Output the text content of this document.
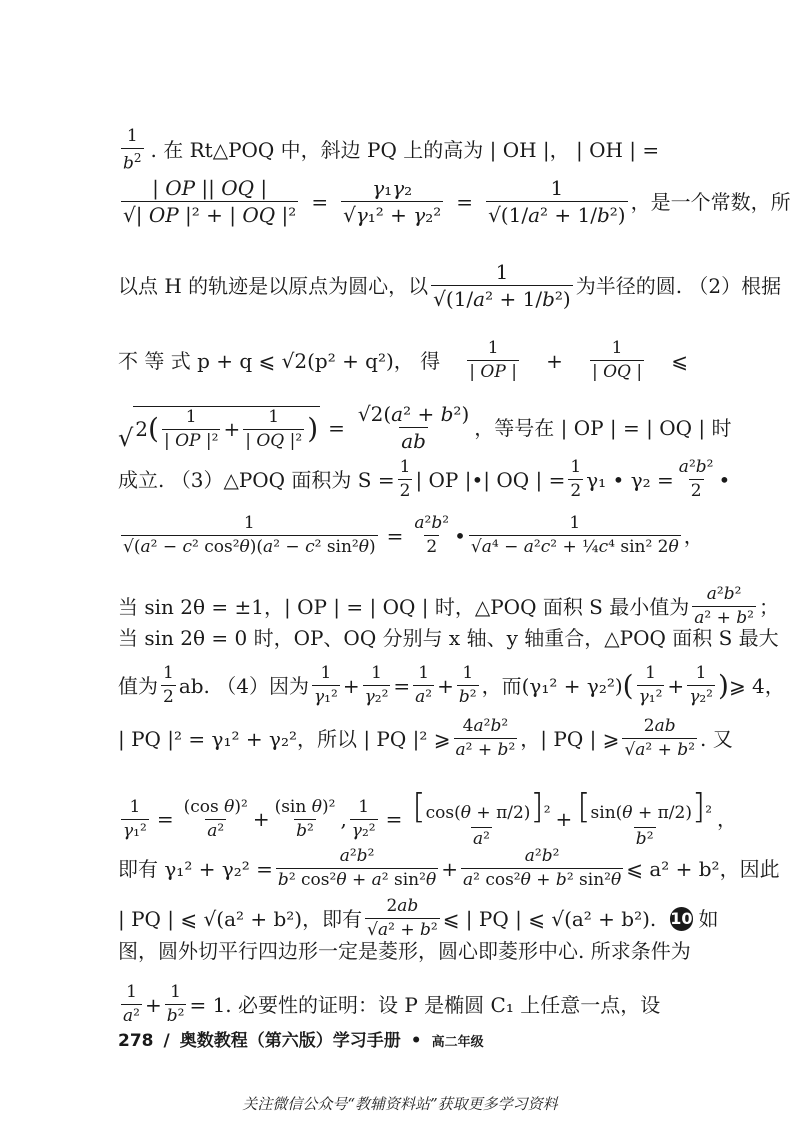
$\frac{1}{b^2}$ . 在 Rt△POQ 中，斜边 PQ 上的高为 | OH |， | OH | =
$\frac{| OP || OQ |}{\text{√| OP |² + | OQ |²}} = \frac{\text{γ₁γ₂}}{\text{√γ₁² + γ₂²}} = \frac{1}{\text{√(1/a² + 1/b²)}}$ ，是一个常数，所
以点 H 的轨迹是以原点为圆心，以 $\frac{1}{\text{√(1/a² + 1/b²)}}$ 为半径的圆. （2）根据
不 等 式 p + q ⩽ √2(p² + q²)， 得 $\frac{1}{| OP |} + \frac{1}{| OQ |}$ ⩽
√ 2 ( $\frac{1}{\text{| OP |²}} + \frac{1}{\text{| OQ |²}}$ ) = $\frac{\text{√2(a² + b²)}}{ab}$ ，等号在 | OP | = | OQ | 时
成立. （3）△POQ 面积为 $S = \frac{1}{2}$ | OP |•| OQ | = $\frac{1}{2} \gamma_1$ • $\gamma_2 = \frac{\text{a²b²}}{2}$ •
$\frac{1}{\text{√(a² − c² cos²θ)(a² − c² sin²θ)}} = \frac{\text{a²b²}}{2}$ • $\frac{1}{\text{√a⁴ − a²c² + ¼c⁴ sin² 2θ}}$ ，
当 sin 2θ = ±1，| OP | = | OQ | 时，△POQ 面积 S 最小值为 $\frac{\text{a²b²}}{\text{a² + b²}}$ ；
当 sin 2θ = 0 时，OP、OQ 分别与 x 轴、y 轴重合，△POQ 面积 S 最大
值为 $\frac{1}{2}$ ab. （4）因为 $\frac{1}{\text{γ₁²}} + \frac{1}{\text{γ₂²}} = \frac{1}{\text{a²}} + \frac{1}{\text{b²}}$ ，而(γ₁² + γ₂²) ( $\frac{1}{\text{γ₁²}} + \frac{1}{\text{γ₂²}}$ ) ⩾ 4，
| PQ |² = γ₁² + γ₂²，所以 | PQ |² ⩾ $\frac{\text{4a²b²}}{\text{a² + b²}}$ ，| PQ | ⩾ $\frac{2ab}{\text{√a² + b²}}$ . 又
$\frac{1}{\text{γ₁²}} = \frac{\text{(cos θ)²}}{\text{a²}} + \frac{\text{(sin θ)²}}{\text{b²}}$ , $\frac{1}{\text{γ₂²}} = \frac{\text{[cos(θ + π/2)]²}}{\text{a²}} + \frac{\text{[sin(θ + π/2)]²}}{\text{b²}}$ ，
即有 $\gamma_1^2 + \gamma_2^2 = \frac{\text{a²b²}}{\text{b² cos²θ + a² sin²θ}} + \frac{\text{a²b²}}{\text{a² cos²θ + b² sin²θ}}$ ⩽ a² + b²，因此
| PQ | ⩽ √(a² + b²)，即有 $\frac{2ab}{\text{√a² + b²}}$ ⩽ | PQ | ⩽ √(a² + b²). 10 如
图，圆外切平行四边形一定是菱形，圆心即菱形中心. 所求条件为
$\frac{1}{\text{a²}} + \frac{1}{\text{b²}} = 1$. 必要性的证明：设 P 是椭圆 C₁ 上任意一点，设
278 / 奥数教程（第六版）学习手册 • 高二年级
关注微信公众号“教辅资料站”获取更多学习资料
